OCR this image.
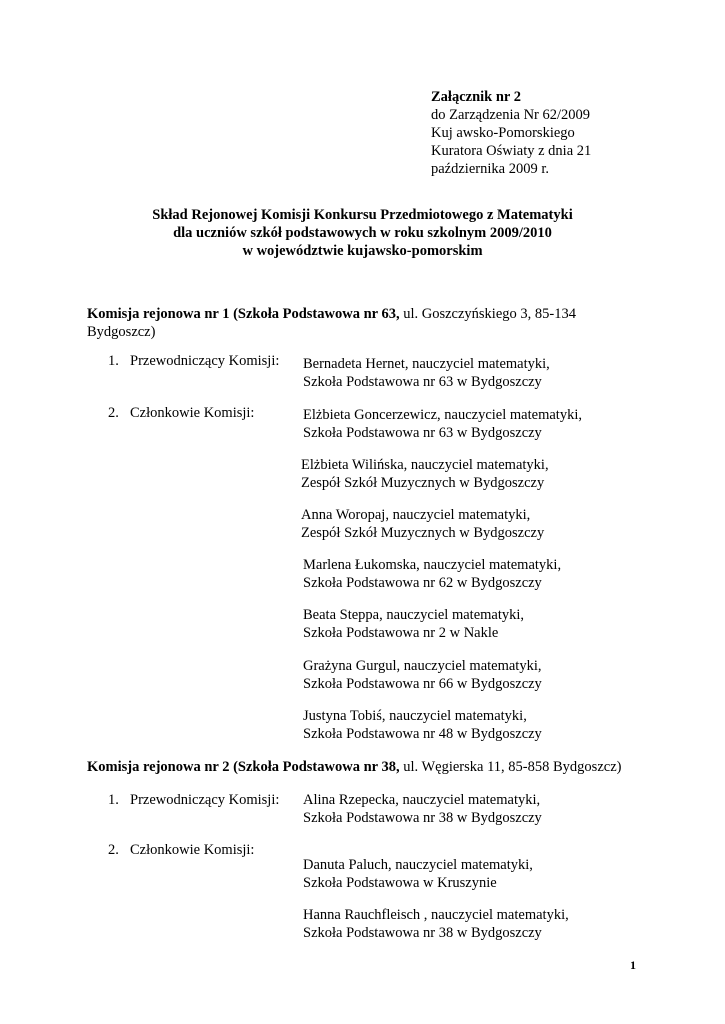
Załącznik nr 2
do Zarządzenia Nr 62/2009
Kuj awsko-Pomorskiego
Kuratora Oświaty z dnia 21
października 2009 r.
Skład Rejonowej Komisji Konkursu Przedmiotowego z Matematyki
dla uczniów szkół podstawowych w roku szkolnym 2009/2010
w województwie kujawsko-pomorskim
Komisja rejonowa nr 1 (Szkoła Podstawowa nr 63, ul. Goszczyńskiego 3, 85-134
Bydgoszcz)
1. Przewodniczący Komisji: Bernadeta Hernet, nauczyciel matematyki,
Szkoła Podstawowa nr 63 w Bydgoszczy
2. Członkowie Komisji:	Elżbieta Goncerzewicz, nauczyciel matematyki,
Szkoła Podstawowa nr 63 w Bydgoszczy
Elżbieta Wilińska, nauczyciel matematyki,
Zespół Szkół Muzycznych w Bydgoszczy
Anna Woropaj, nauczyciel matematyki,
Zespół Szkół Muzycznych w Bydgoszczy
Marlena Łukomska, nauczyciel matematyki,
Szkoła Podstawowa nr 62 w Bydgoszczy
Beata Steppa, nauczyciel matematyki,
Szkoła Podstawowa nr 2 w Nakle
Grażyna Gurgul, nauczyciel matematyki,
Szkoła Podstawowa nr 66 w Bydgoszczy
Justyna Tobiś, nauczyciel matematyki,
Szkoła Podstawowa nr 48 w Bydgoszczy
Komisja rejonowa nr 2 (Szkoła Podstawowa nr 38, ul. Węgierska 11, 85-858 Bydgoszcz)
1. Przewodniczący Komisji: Alina Rzepecka, nauczyciel matematyki,
Szkoła Podstawowa nr 38 w Bydgoszczy
2. Członkowie Komisji:
Danuta Paluch, nauczyciel matematyki,
Szkoła Podstawowa w Kruszynie
Hanna Rauchfleisch , nauczyciel matematyki,
Szkoła Podstawowa nr 38 w Bydgoszczy
1
